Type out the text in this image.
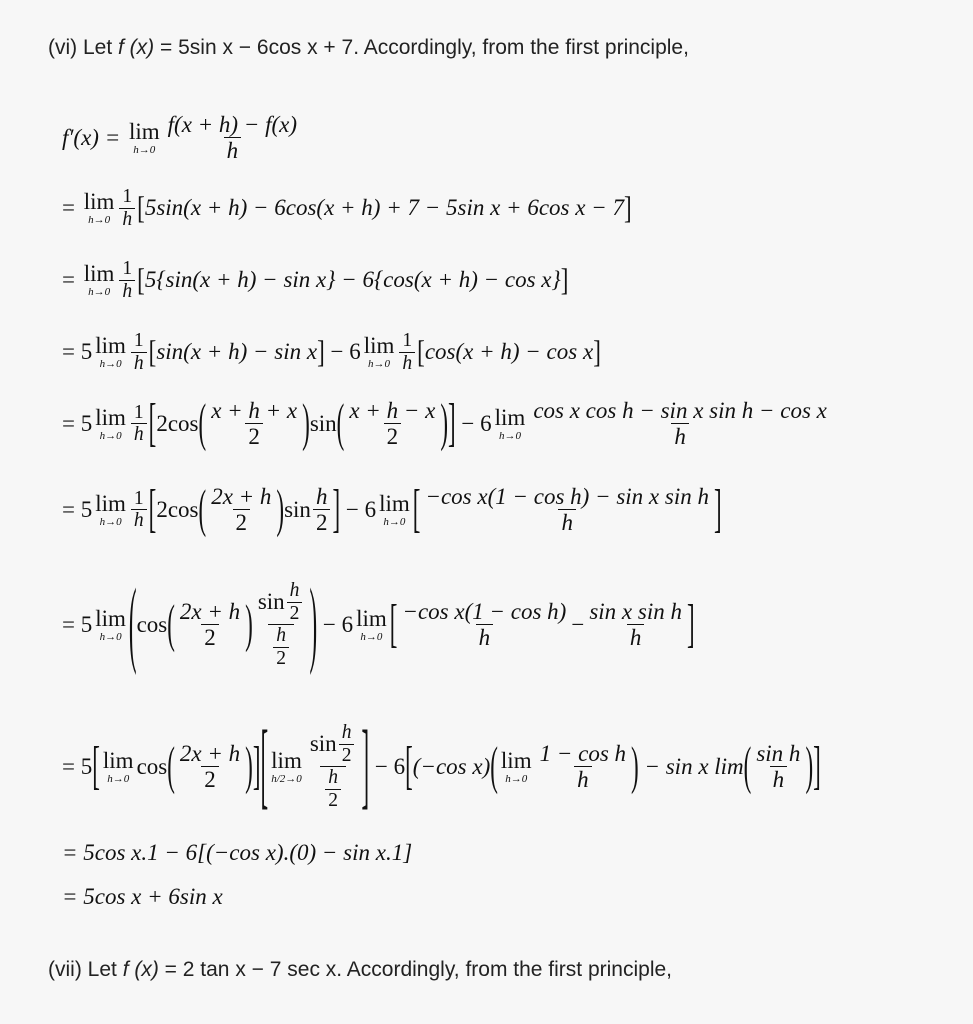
(vi) Let f (x) = 5sin x − 6cos x + 7. Accordingly, from the first principle,
f′(x) = lim
$h\to 0 \frac{f(x + h) - f(x)}{h}$
= lim
$h\to 0 \frac{1}{h}$ [ 5sin(x + h) − 6cos(x + h) + 7 − 5sin x + 6cos x − 7 ]
= lim
$h\to 0 \frac{1}{h}$ [ 5{sin(x + h) − sin x} − 6{cos(x + h) − cos x} ]
= 5 lim
$h\to 0 \frac{1}{h}$ [ sin(x + h) − sin x ] − 6 lim
$h\to 0 \frac{1}{h}$ [ cos(x + h) − cos x ]
= 5 lim
$h\to 0 \frac{1}{h}$ [ 2cos ( $\frac{x + h + x}{2}$ ) sin ( $\frac{x + h - x}{2}$ ) ] − 6 lim
$h\to 0 \frac{\text{cos x cos h − sin x sin h − cos x}}{h}$
= 5 lim
$h\to 0 \frac{1}{h}$ [ 2cos ( $\frac{2x + h}{2}$ ) $\sin \frac{h}{2}$ ] − 6 lim
h→0 [ $\frac{\text{−cos x(1 − cos h) − sin x sin h}}{h}$ ]
= 5 lim
h→0 ( cos ( $\frac{2x + h}{2}$ ) $\frac{\sin \frac{h}{2}}{\frac{h}{2}}$ ) − 6 lim
h→0 [ $\frac{\text{−cos x(1 − cos h)}}{h} - \frac{\text{sin x sin h}}{h}$ ]
= 5 [ lim
h→0 cos ( $\frac{2x + h}{2}$ ) ] [ lim
$h/2\to 0 \frac{\sin \frac{h}{2}}{\frac{h}{2}}$ ] − 6 [ (−cos x) ( lim
$h\to 0 \frac{\text{1 − cos h}}{h}$ ) − sin x lim ( $\frac{\text{sin h}}{h}$ ) ]
= 5cos x.1 − 6[(−cos x).(0) − sin x.1]
= 5cos x + 6sin x
(vii) Let f (x) = 2 tan x − 7 sec x. Accordingly, from the first principle,
